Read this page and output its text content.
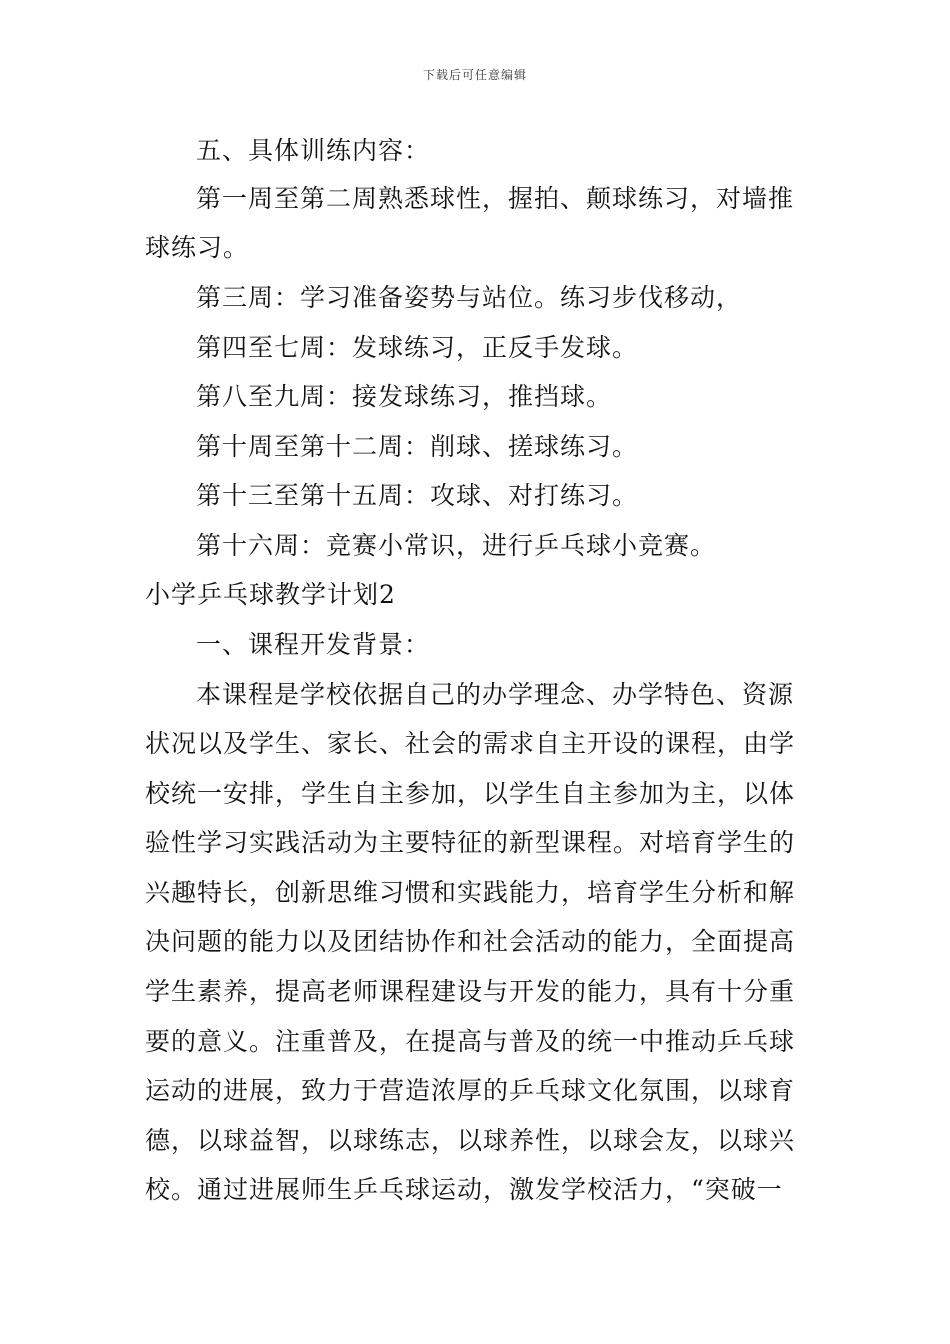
下载后可任意编辑
五、具体训练内容：
第一周至第二周熟悉球性，握拍、颠球练习，对墙推
球练习。
第三周：学习准备姿势与站位。练习步伐移动，
第四至七周：发球练习，正反手发球。
第八至九周：接发球练习，推挡球。
第十周至第十二周：削球、搓球练习。
第十三至第十五周：攻球、对打练习。
第十六周：竞赛小常识，进行乒乓球小竞赛。
小学乒乓球教学计划2
一、课程开发背景：
本课程是学校依据自己的办学理念、办学特色、资源
状况以及学生、家长、社会的需求自主开设的课程，由学
校统一安排，学生自主参加，以学生自主参加为主，以体
验性学习实践活动为主要特征的新型课程。对培育学生的
兴趣特长，创新思维习惯和实践能力，培育学生分析和解
决问题的能力以及团结协作和社会活动的能力，全面提高
学生素养，提高老师课程建设与开发的能力，具有十分重
要的意义。注重普及，在提高与普及的统一中推动乒乓球
运动的进展，致力于营造浓厚的乒乓球文化氛围，以球育
德，以球益智，以球练志，以球养性，以球会友，以球兴
校。通过进展师生乒乓球运动，激发学校活力，“突破一
